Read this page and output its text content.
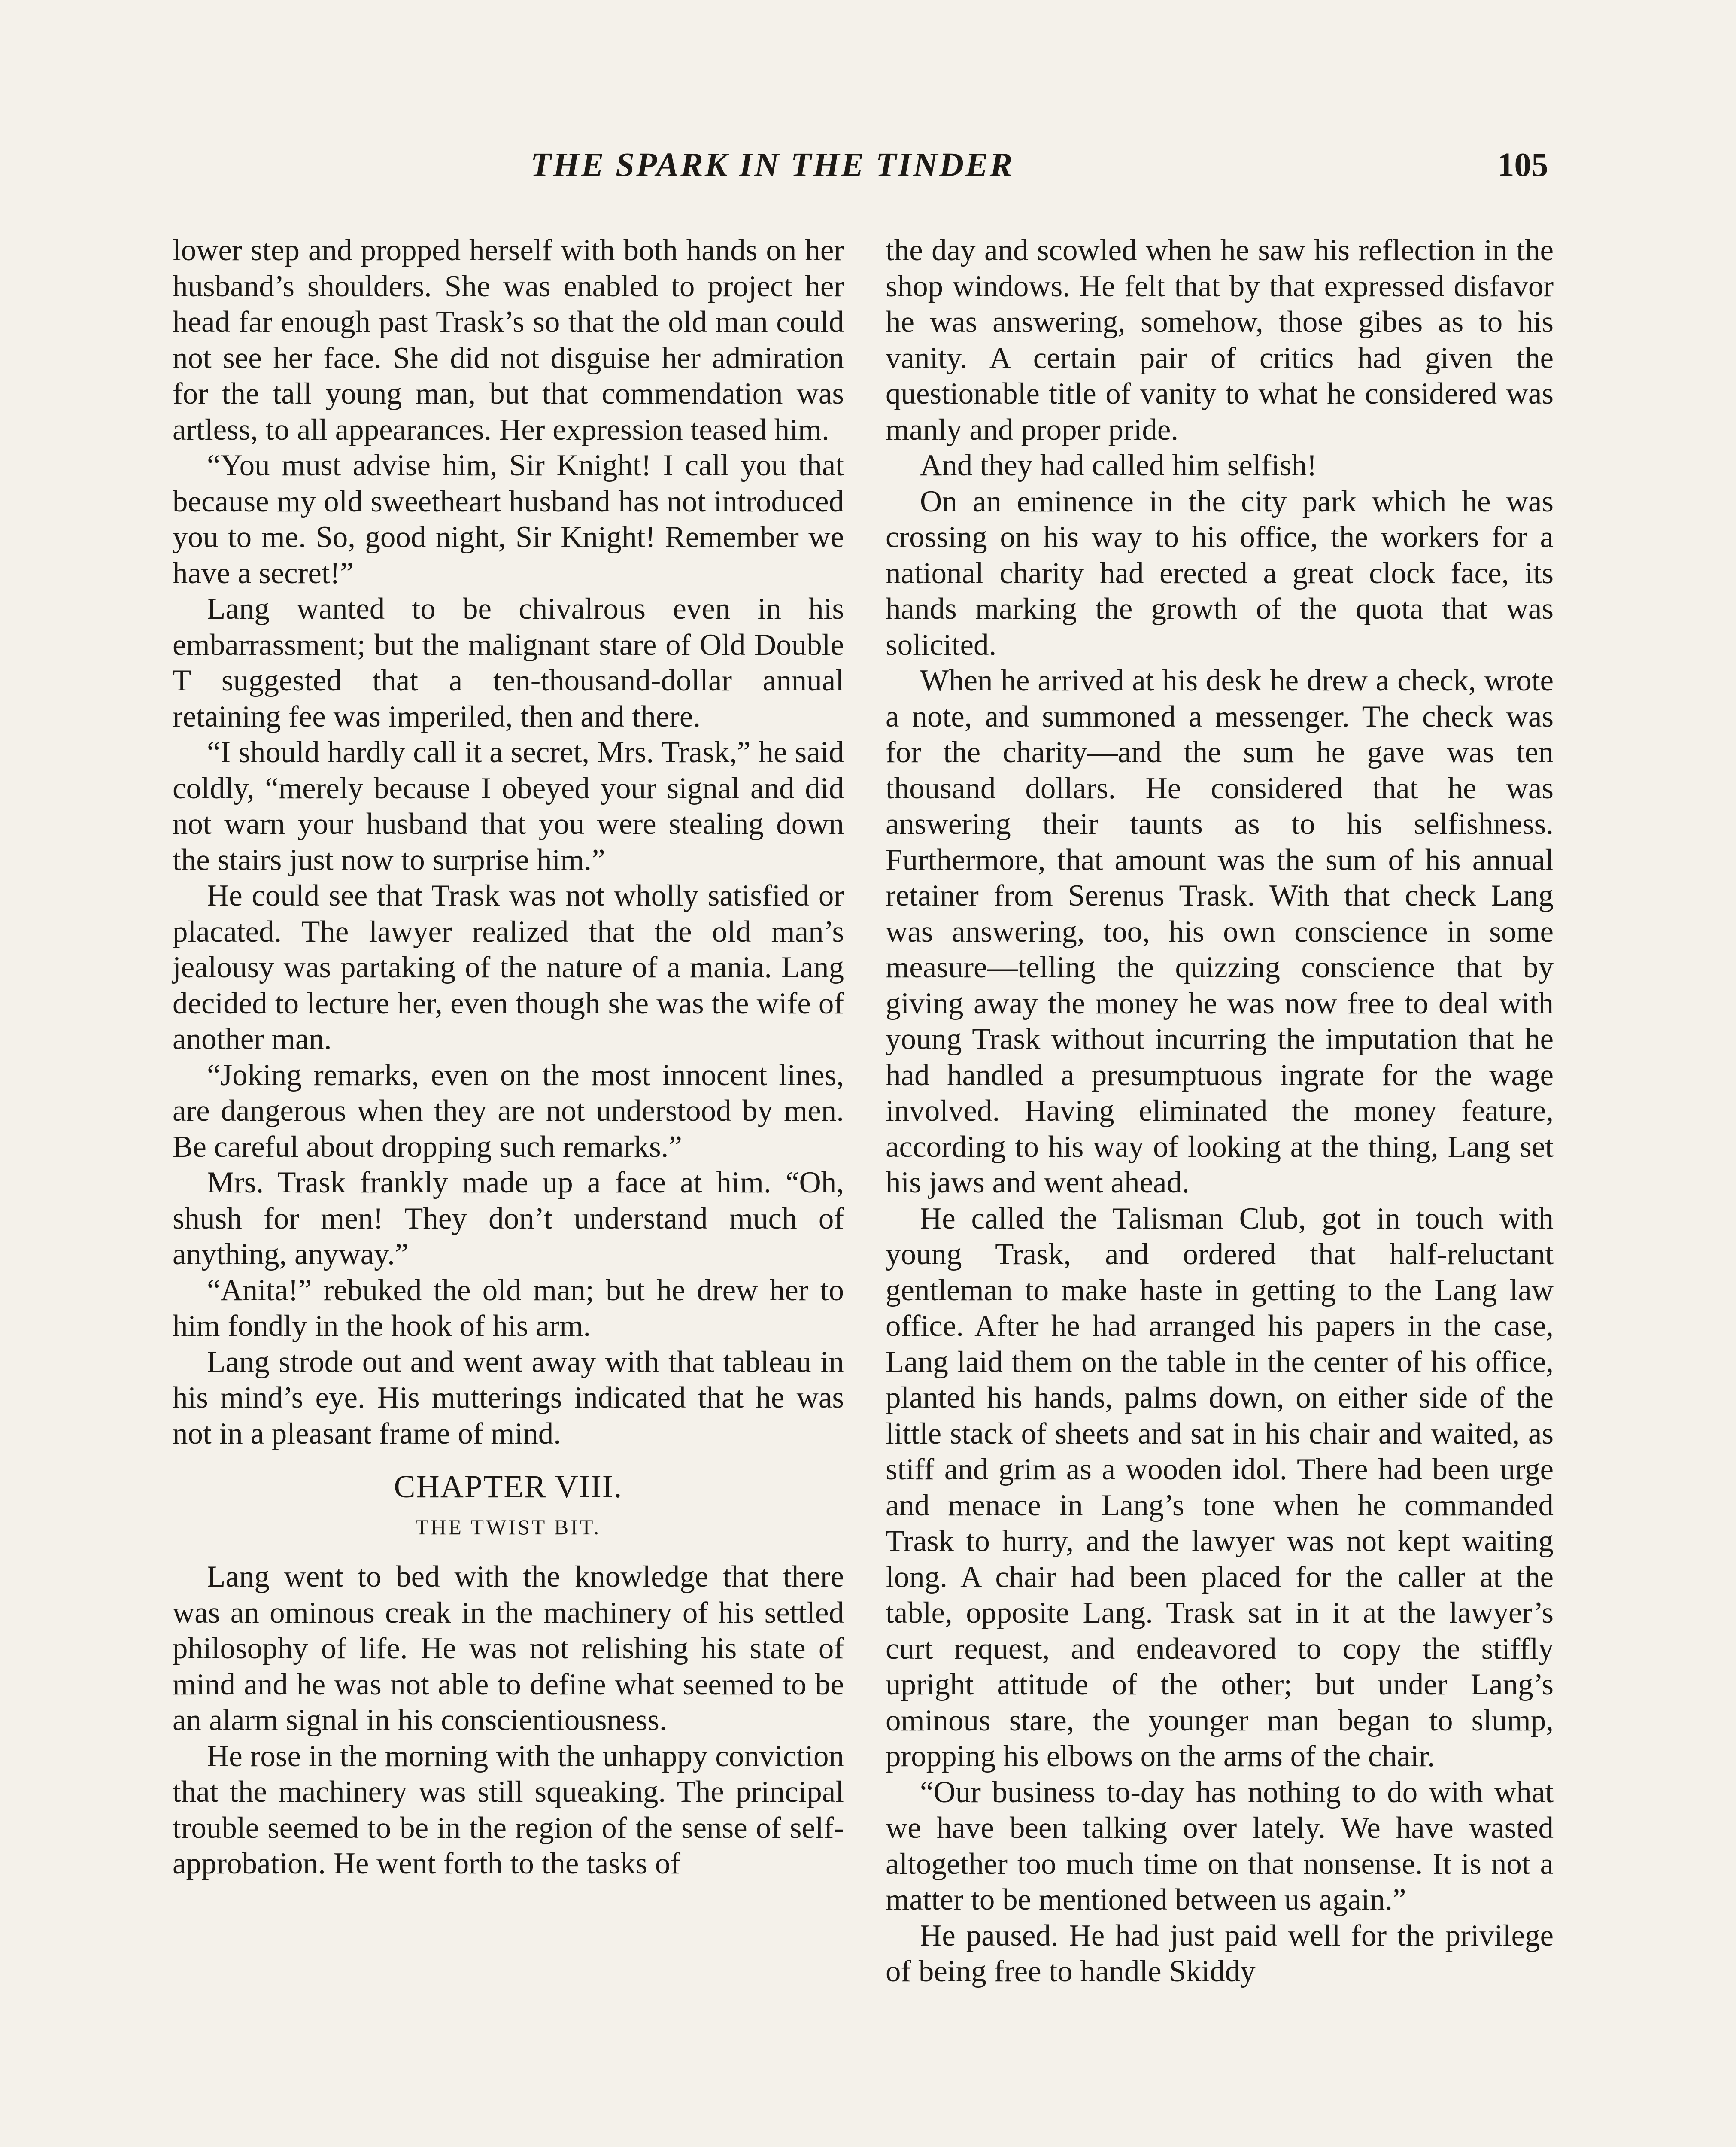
THE SPARK IN THE TINDER	105

lower step and propped herself with both hands on her husband’s shoulders. She was enabled to project her head far enough past Trask’s so that the old man could not see her face. She did not disguise her admiration for the tall young man, but that commendation was artless, to all appearances. Her expression teased him.

“You must advise him, Sir Knight! I call you that because my old sweetheart husband has not introduced you to me. So, good night, Sir Knight! Remember we have a secret!”

Lang wanted to be chivalrous even in his embarrassment; but the malignant stare of Old Double T suggested that a ten-thousand-dollar annual retaining fee was imperiled, then and there.

“I should hardly call it a secret, Mrs. Trask,” he said coldly, “merely because I obeyed your signal and did not warn your husband that you were stealing down the stairs just now to surprise him.”

He could see that Trask was not wholly satisfied or placated. The lawyer realized that the old man’s jealousy was partaking of the nature of a mania. Lang decided to lecture her, even though she was the wife of another man.

“Joking remarks, even on the most innocent lines, are dangerous when they are not understood by men. Be careful about dropping such remarks.”

Mrs. Trask frankly made up a face at him. “Oh, shush for men! They don’t understand much of anything, anyway.”

“Anita!” rebuked the old man; but he drew her to him fondly in the hook of his arm.

Lang strode out and went away with that tableau in his mind’s eye. His mutterings indicated that he was not in a pleasant frame of mind.

CHAPTER VIII.
THE TWIST BIT.

Lang went to bed with the knowledge that there was an ominous creak in the machinery of his settled philosophy of life. He was not relishing his state of mind and he was not able to define what seemed to be an alarm signal in his conscientiousness.

He rose in the morning with the unhappy conviction that the machinery was still squeaking. The principal trouble seemed to be in the region of the sense of self-approbation. He went forth to the tasks of

the day and scowled when he saw his reflection in the shop windows. He felt that by that expressed disfavor he was answering, somehow, those gibes as to his vanity. A certain pair of critics had given the questionable title of vanity to what he considered was manly and proper pride.

And they had called him selfish!

On an eminence in the city park which he was crossing on his way to his office, the workers for a national charity had erected a great clock face, its hands marking the growth of the quota that was solicited.

When he arrived at his desk he drew a check, wrote a note, and summoned a messenger. The check was for the charity—and the sum he gave was ten thousand dollars. He considered that he was answering their taunts as to his selfishness. Furthermore, that amount was the sum of his annual retainer from Serenus Trask. With that check Lang was answering, too, his own conscience in some measure—telling the quizzing conscience that by giving away the money he was now free to deal with young Trask without incurring the imputation that he had handled a presumptuous ingrate for the wage involved. Having eliminated the money feature, according to his way of looking at the thing, Lang set his jaws and went ahead.

He called the Talisman Club, got in touch with young Trask, and ordered that half-reluctant gentleman to make haste in getting to the Lang law office. After he had arranged his papers in the case, Lang laid them on the table in the center of his office, planted his hands, palms down, on either side of the little stack of sheets and sat in his chair and waited, as stiff and grim as a wooden idol. There had been urge and menace in Lang’s tone when he commanded Trask to hurry, and the lawyer was not kept waiting long. A chair had been placed for the caller at the table, opposite Lang. Trask sat in it at the lawyer’s curt request, and endeavored to copy the stiffly upright attitude of the other; but under Lang’s ominous stare, the younger man began to slump, propping his elbows on the arms of the chair.

“Our business to-day has nothing to do with what we have been talking over lately. We have wasted altogether too much time on that nonsense. It is not a matter to be mentioned between us again.”

He paused. He had just paid well for the privilege of being free to handle Skiddy
